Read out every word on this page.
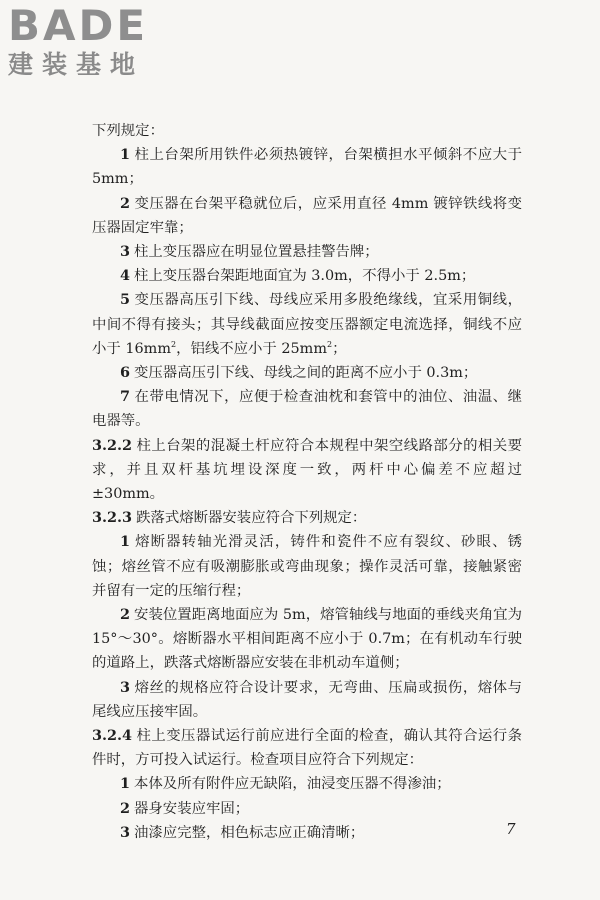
BADE
建装基地

下列规定：

1 柱上台架所用铁件必须热镀锌，台架横担水平倾斜不应大于 5mm；

2 变压器在台架平稳就位后，应采用直径 4mm 镀锌铁线将变压器固定牢靠；

3 柱上变压器应在明显位置悬挂警告牌；

4 柱上变压器台架距地面宜为 3.0m，不得小于 2.5m；

5 变压器高压引下线、母线应采用多股绝缘线，宜采用铜线，中间不得有接头；其导线截面应按变压器额定电流选择，铜线不应小于 $16mm^2$，铝线不应小于 $25mm^2$；

6 变压器高压引下线、母线之间的距离不应小于 0.3m；

7 在带电情况下，应便于检查油枕和套管中的油位、油温、继电器等。

3.2.2 柱上台架的混凝土杆应符合本规程中架空线路部分的相关要求，并且双杆基坑埋设深度一致，两杆中心偏差不应超过±30mm。

3.2.3 跌落式熔断器安装应符合下列规定：

1 熔断器转轴光滑灵活，铸件和瓷件不应有裂纹、砂眼、锈蚀；熔丝管不应有吸潮膨胀或弯曲现象；操作灵活可靠，接触紧密并留有一定的压缩行程；

2 安装位置距离地面应为 5m，熔管轴线与地面的垂线夹角宜为 15°～30°。熔断器水平相间距离不应小于 0.7m；在有机动车行驶的道路上，跌落式熔断器应安装在非机动车道侧；

3 熔丝的规格应符合设计要求，无弯曲、压扁或损伤，熔体与尾线应压接牢固。

3.2.4 柱上变压器试运行前应进行全面的检查，确认其符合运行条件时，方可投入试运行。检查项目应符合下列规定：

1 本体及所有附件应无缺陷，油浸变压器不得渗油；

2 器身安装应牢固；

3 油漆应完整，相色标志应正确清晰；	7
